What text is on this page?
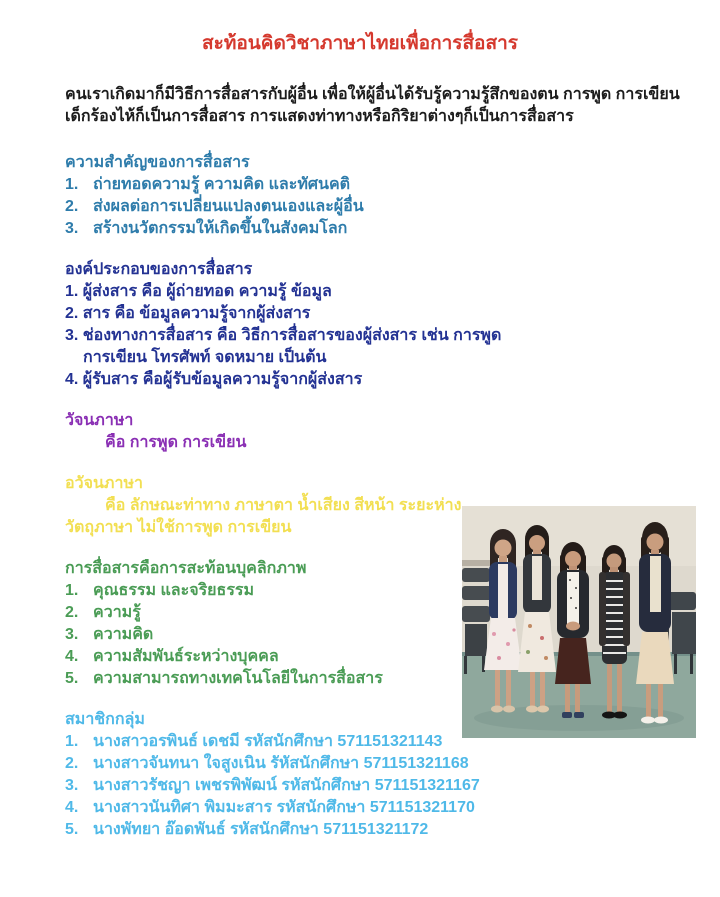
สะท้อนคิดวิชาภาษาไทยเพื่อการสื่อสาร
คนเราเกิดมาก็มีวิธีการสื่อสารกับผู้อื่น เพื่อให้ผู้อื่นได้รับรู้ความรู้สึกของตน การพูด การเขียน
เด็กร้องไห้ก็เป็นการสื่อสาร การแสดงท่าทางหรือกิริยาต่างๆก็เป็นการสื่อสาร
ความสำคัญของการสื่อสาร
1. ถ่ายทอดความรู้ ความคิด และทัศนคติ
2. ส่งผลต่อการเปลี่ยนแปลงตนเองและผู้อื่น
3. สร้างนวัตกรรมให้เกิดขึ้นในสังคมโลก
องค์ประกอบของการสื่อสาร
1. ผู้ส่งสาร คือ ผู้ถ่ายทอด ความรู้ ข้อมูล
2. สาร คือ ข้อมูลความรู้จากผู้ส่งสาร
3. ช่องทางการสื่อสาร คือ วิธีการสื่อสารของผู้ส่งสาร เช่น การพูด
การเขียน โทรศัพท์ จดหมาย เป็นต้น
4. ผู้รับสาร คือผู้รับข้อมูลความรู้จากผู้ส่งสาร
วัจนภาษา
คือ การพูด การเขียน
อวัจนภาษา
คือ ลักษณะท่าทาง ภาษาตา น้ำเสียง สีหน้า ระยะห่าง
วัตถุภาษา ไม่ใช้การพูด การเขียน
การสื่อสารคือการสะท้อนบุคลิกภาพ
1. คุณธรรม และจริยธรรม
2. ความรู้
3. ความคิด
4. ความสัมพันธ์ระหว่างบุคคล
5. ความสามารถทางเทคโนโลยีในการสื่อสาร
สมาชิกกลุ่ม
1. นางสาวอรพินธ์ เดชมี รหัสนักศึกษา 571151321143
2. นางสาวจันทนา ใจสูงเนิน รัหัสนักศึกษา 571151321168
3. นางสาวรัชญา เพชรพิพัฒน์ รหัสนักศึกษา 571151321167
4. นางสาวนันทิศา พิมมะสาร รหัสนักศึกษา 571151321170
5. นางพัทยา อ๊อดพันธ์ รหัสนักศึกษา 571151321172
